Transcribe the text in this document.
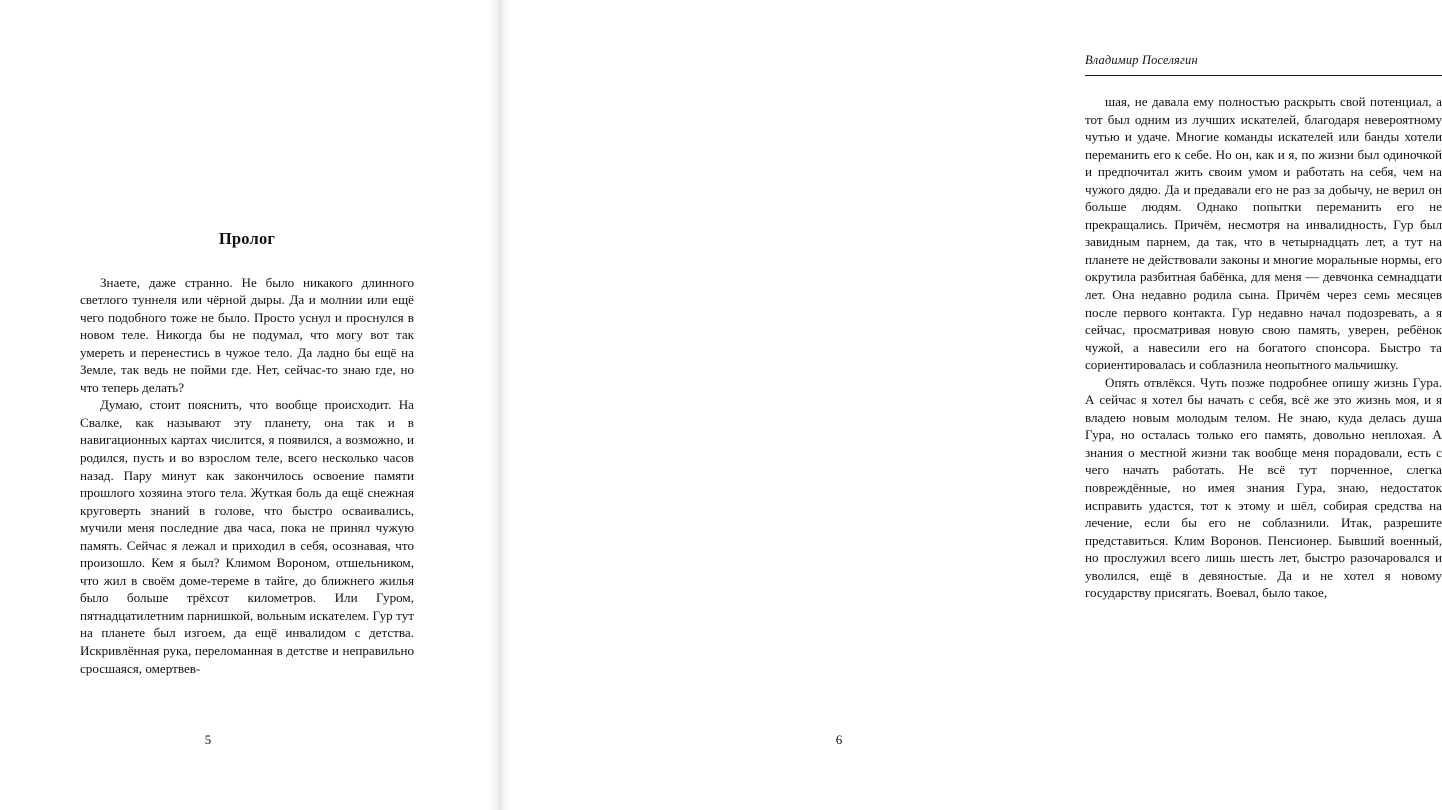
Пролог

Знаете, даже странно. Не было никакого длинного светлого туннеля или чёрной дыры. Да и молнии или ещё чего подобного тоже не было. Просто уснул и проснулся в новом теле. Никогда бы не подумал, что могу вот так умереть и перенестись в чужое тело. Да ладно бы ещё на Земле, так ведь не пойми где. Нет, сейчас-то знаю где, но что теперь делать?

Думаю, стоит пояснить, что вообще происходит. На Свалке, как называют эту планету, она так и в навигационных картах числится, я появился, а возможно, и родился, пусть и во взрослом теле, всего несколько часов назад. Пару минут как закончилось освоение памяти прошлого хозяина этого тела. Жуткая боль да ещё снежная круговерть знаний в голове, что быстро осваивались, мучили меня последние два часа, пока не принял чужую память. Сейчас я лежал и приходил в себя, осознавая, что произошло. Кем я был? Климом Вороном, отшельником, что жил в своём доме-тереме в тайге, до ближнего жилья было больше трёхсот километров. Или Гуром, пятнадцатилетним парнишкой, вольным искателем. Гур тут на планете был изгоем, да ещё инвалидом с детства. Искривлённая рука, переломанная в детстве и неправильно сросшаяся, омертвев-

5
Владимир Поселягин

шая, не давала ему полностью раскрыть свой потенциал, а тот был одним из лучших искателей, благодаря невероятному чутью и удаче. Многие команды искателей или банды хотели переманить его к себе. Но он, как и я, по жизни был одиночкой и предпочитал жить своим умом и работать на себя, чем на чужого дядю. Да и предавали его не раз за добычу, не верил он больше людям. Однако попытки переманить его не прекращались. Причём, несмотря на инвалидность, Гур был завидным парнем, да так, что в четырнадцать лет, а тут на планете не действовали законы и многие моральные нормы, его окрутила разбитная бабёнка, для меня — девчонка семнадцати лет. Она недавно родила сына. Причём через семь месяцев после первого контакта. Гур недавно начал подозревать, а я сейчас, просматривая новую свою память, уверен, ребёнок чужой, а навесили его на богатого спонсора. Быстро та сориентировалась и соблазнила неопытного мальчишку.

Опять отвлёкся. Чуть позже подробнее опишу жизнь Гура. А сейчас я хотел бы начать с себя, всё же это жизнь моя, и я владею новым молодым телом. Не знаю, куда делась душа Гура, но осталась только его память, довольно неплохая. А знания о местной жизни так вообще меня порадовали, есть с чего начать работать. Не всё тут порченное, слегка повреждённые, но имея знания Гура, знаю, недостаток исправить удастся, тот к этому и шёл, собирая средства на лечение, если бы его не соблазнили. Итак, разрешите представиться. Клим Воронов. Пенсионер. Бывший военный, но прослужил всего лишь шесть лет, быстро разочаровался и уволился, ещё в девяностые. Да и не хотел я новому государству присягать. Воевал, было такое,

6
